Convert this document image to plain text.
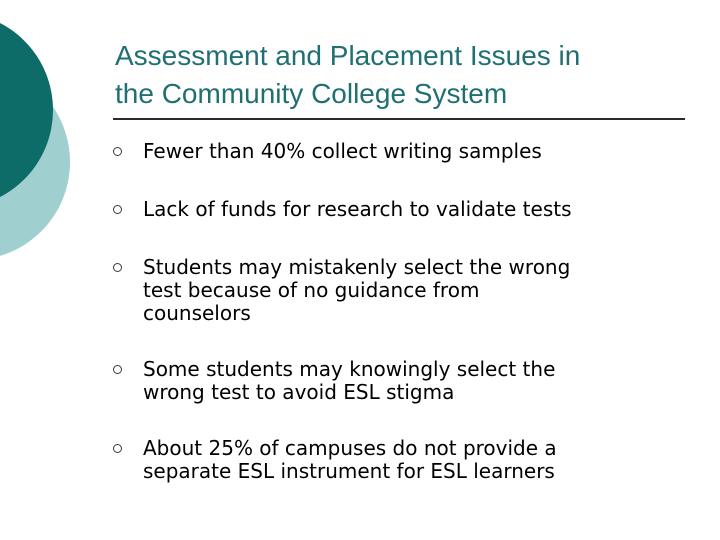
Assessment and Placement Issues in
the Community College System
Fewer than 40% collect writing samples
Lack of funds for research to validate tests
Students may mistakenly select the wrong
test because of no guidance from
counselors
Some students may knowingly select the
wrong test to avoid ESL stigma
About 25% of campuses do not provide a
separate ESL instrument for ESL learners
